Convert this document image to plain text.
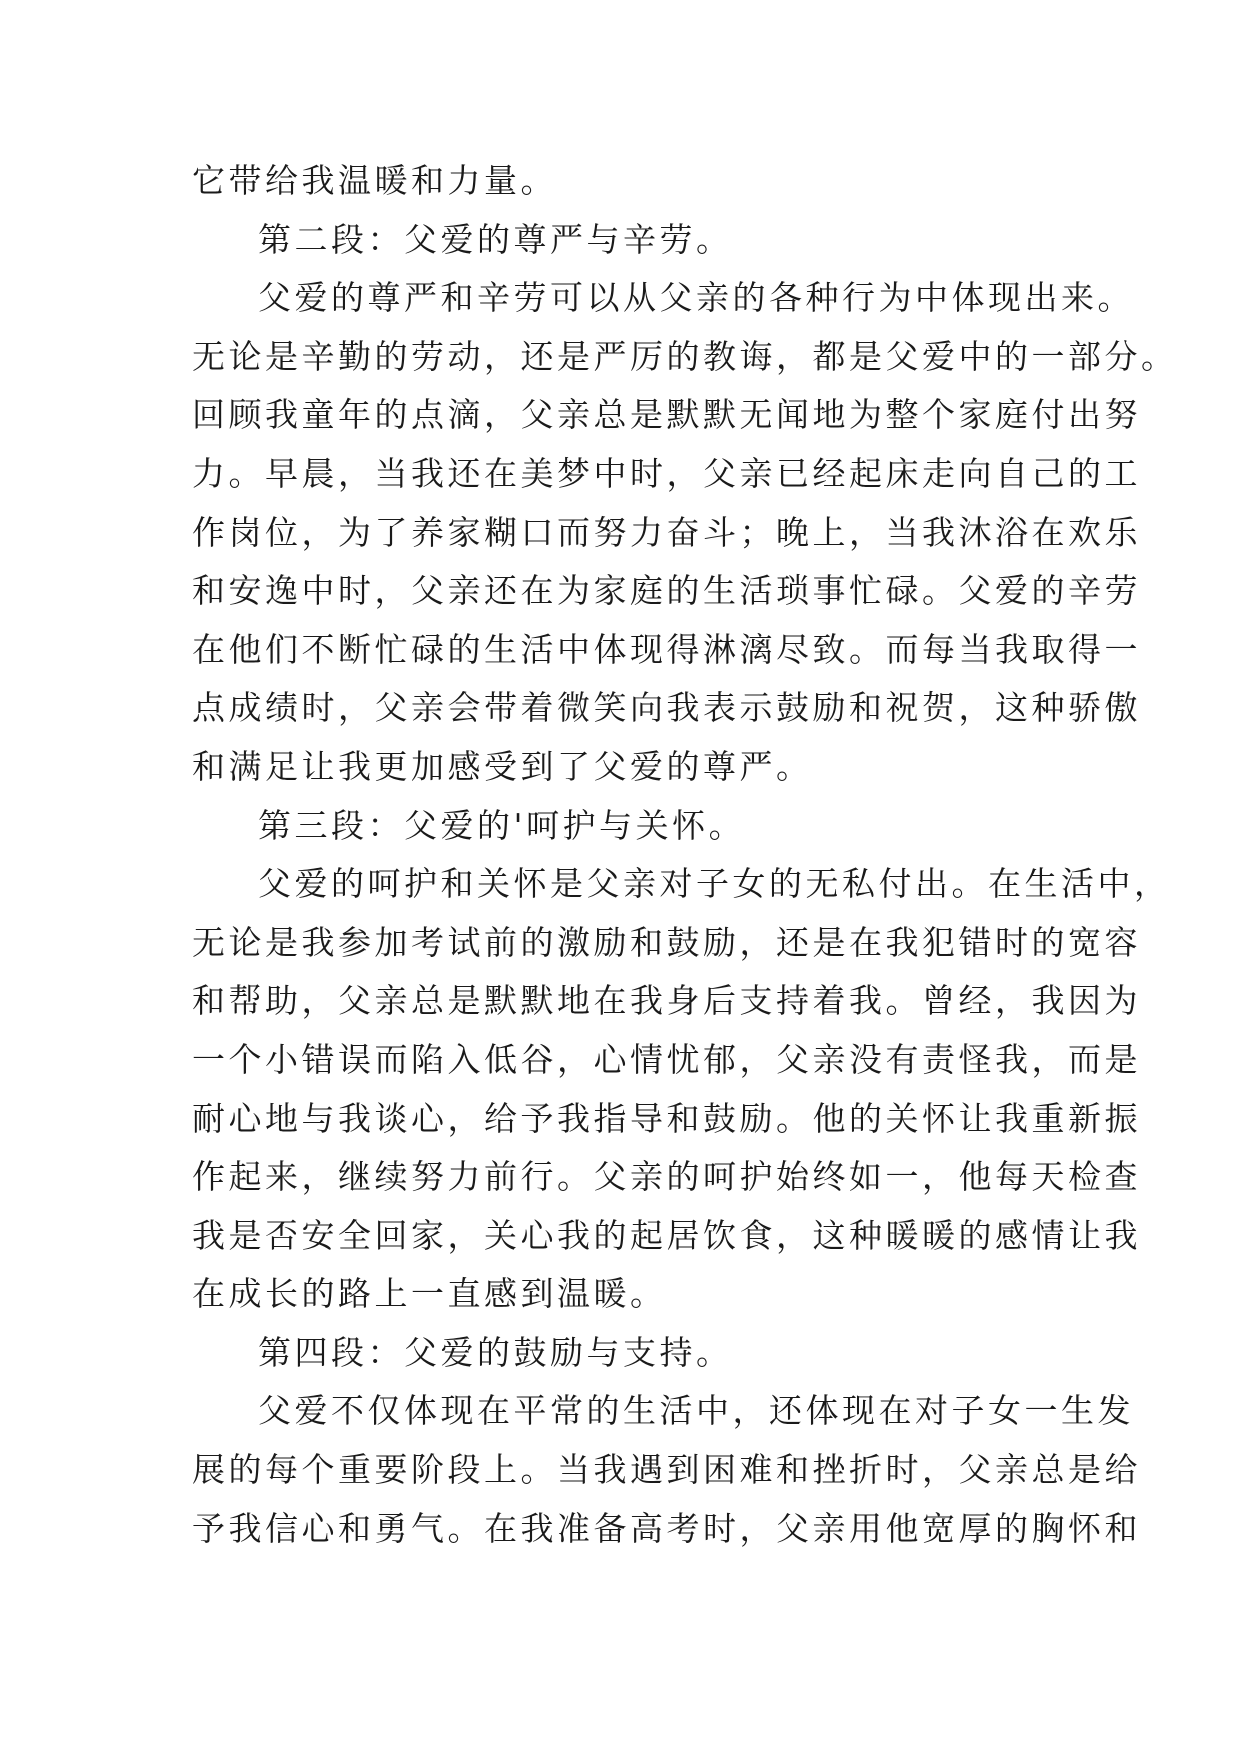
它带给我温暖和力量。
第二段：父爱的尊严与辛劳。
父爱的尊严和辛劳可以从父亲的各种行为中体现出来。
无论是辛勤的劳动，还是严厉的教诲，都是父爱中的一部分。
回顾我童年的点滴，父亲总是默默无闻地为整个家庭付出努
力。早晨，当我还在美梦中时，父亲已经起床走向自己的工
作岗位，为了养家糊口而努力奋斗；晚上，当我沐浴在欢乐
和安逸中时，父亲还在为家庭的生活琐事忙碌。父爱的辛劳
在他们不断忙碌的生活中体现得淋漓尽致。而每当我取得一
点成绩时，父亲会带着微笑向我表示鼓励和祝贺，这种骄傲
和满足让我更加感受到了父爱的尊严。
第三段：父爱的'呵护与关怀。
父爱的呵护和关怀是父亲对子女的无私付出。在生活中，
无论是我参加考试前的激励和鼓励，还是在我犯错时的宽容
和帮助，父亲总是默默地在我身后支持着我。曾经，我因为
一个小错误而陷入低谷，心情忧郁，父亲没有责怪我，而是
耐心地与我谈心，给予我指导和鼓励。他的关怀让我重新振
作起来，继续努力前行。父亲的呵护始终如一，他每天检查
我是否安全回家，关心我的起居饮食，这种暖暖的感情让我
在成长的路上一直感到温暖。
第四段：父爱的鼓励与支持。
父爱不仅体现在平常的生活中，还体现在对子女一生发
展的每个重要阶段上。当我遇到困难和挫折时，父亲总是给
予我信心和勇气。在我准备高考时，父亲用他宽厚的胸怀和
